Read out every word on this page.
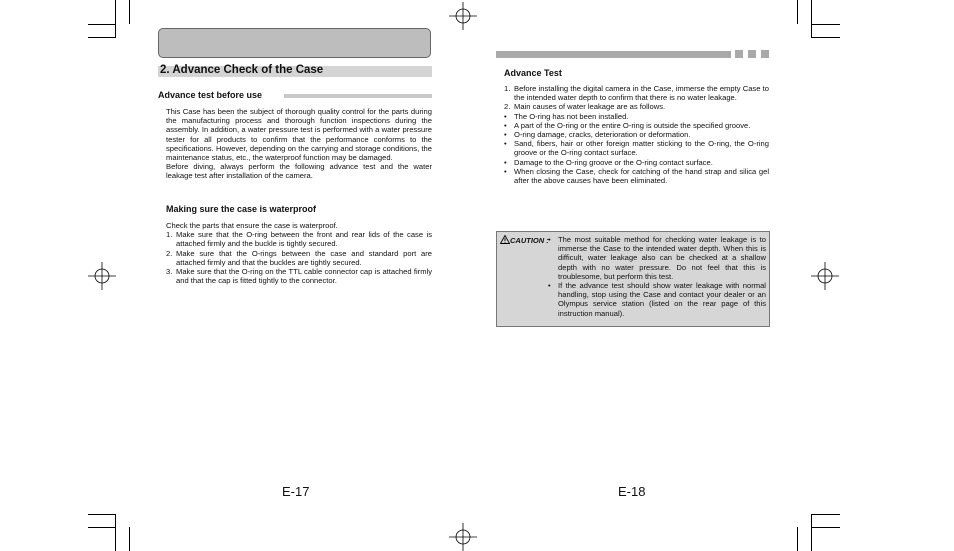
2. Advance Check of the Case
Advance test before use

This Case has been the subject of thorough quality control for the parts during the manufacturing process and thorough function inspections during the assembly. In addition, a water pressure test is performed with a water pressure tester for all products to confirm that the performance conforms to the specifications. However, depending on the carrying and storage conditions, the maintenance status, etc., the waterproof function may be damaged.

Before diving, always perform the following advance test and the water leakage test after installation of the camera.

Making sure the case is waterproof

Check the parts that ensure the case is waterproof.

1. Make sure that the O-ring between the front and rear lids of the case is attached firmly and the buckle is tightly secured.
2. Make sure that the O-rings between the case and standard port are attached firmly and that the buckles are tightly secured.
3. Make sure that the O-ring on the TTL cable connector cap is attached firmly and that the cap is fitted tightly to the connector.
E-17
Advance Test
1. Before installing the digital camera in the Case, immerse the empty Case to the intended water depth to confirm that there is no water leakage.
2. Main causes of water leakage are as follows.
• The O-ring has not been installed.
• A part of the O-ring or the entire O-ring is outside the specified groove.
• O-ring damage, cracks, deterioration or deformation.
• Sand, fibers, hair or other foreign matter sticking to the O-ring, the O-ring groove or the O-ring contact surface.
• Damage to the O-ring groove or the O-ring contact surface.
• When closing the Case, check for catching of the hand strap and silica gel after the above causes have been eliminated.
CAUTION : • The most suitable method for checking water leakage is to immerse the Case to the intended water depth. When this is difficult, water leakage also can be checked at a shallow depth with no water pressure. Do not feel that this is troublesome, but perform this test.
• If the advance test should show water leakage with normal handling, stop using the Case and contact your dealer or an Olympus service station (listed on the rear page of this instruction manual).
E-18
